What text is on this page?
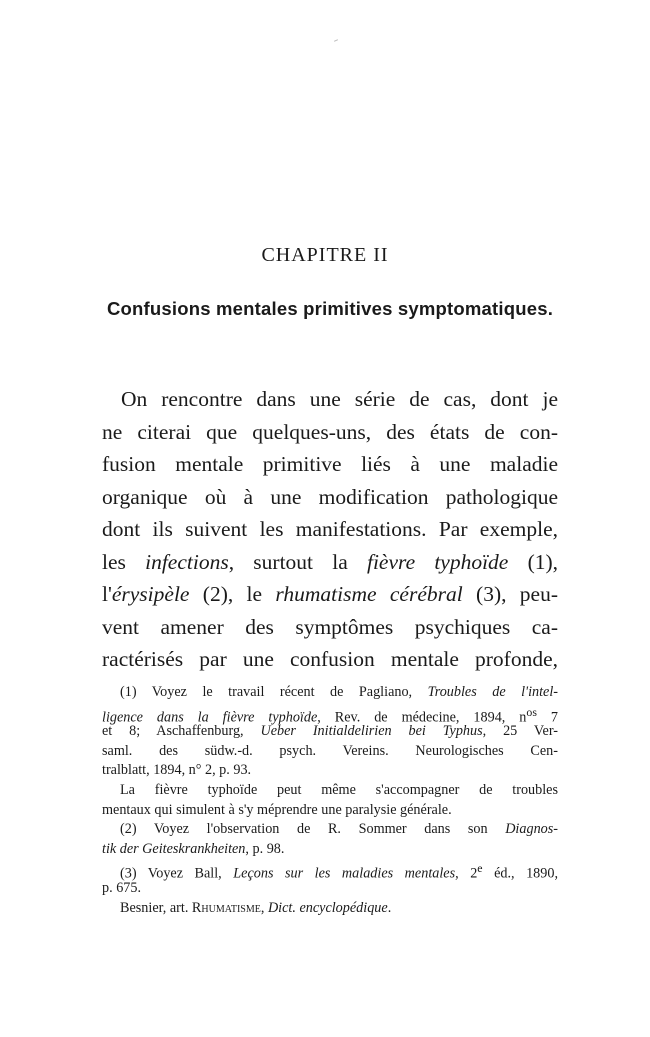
CHAPITRE II
Confusions mentales primitives symptomatiques.
On rencontre dans une série de cas, dont je
ne citerai que quelques-uns, des états de con-
fusion mentale primitive liés à une maladie
organique où à une modification pathologique
dont ils suivent les manifestations. Par exemple,
les infections, surtout la fièvre typhoïde (1),
l'érysipèle (2), le rhumatisme cérébral (3), peu-
vent amener des symptômes psychiques ca-
ractérisés par une confusion mentale profonde,
(1) Voyez le travail récent de Pagliano, Troubles de l'intel-
ligence dans la fièvre typhoïde, Rev. de médecine, 1894, $n^{os}$ 7
et 8; Aschaffenburg, Ueber Initialdelirien bei Typhus, 25 Ver-
saml. des südw.-d. psych. Vereins. Neurologisches Cen-
tralblatt, 1894, n° 2, p. 93.
La fièvre typhoïde peut même s'accompagner de troubles
mentaux qui simulent à s'y méprendre une paralysie générale.
(2) Voyez l'observation de R. Sommer dans son Diagnos-
tik der Geiteskrankheiten, p. 98.
(3) Voyez Ball, Leçons sur les maladies mentales, 2e éd., 1890,
p. 675.
Besnier, art. Rhumatisme, Dict. encyclopédique.
